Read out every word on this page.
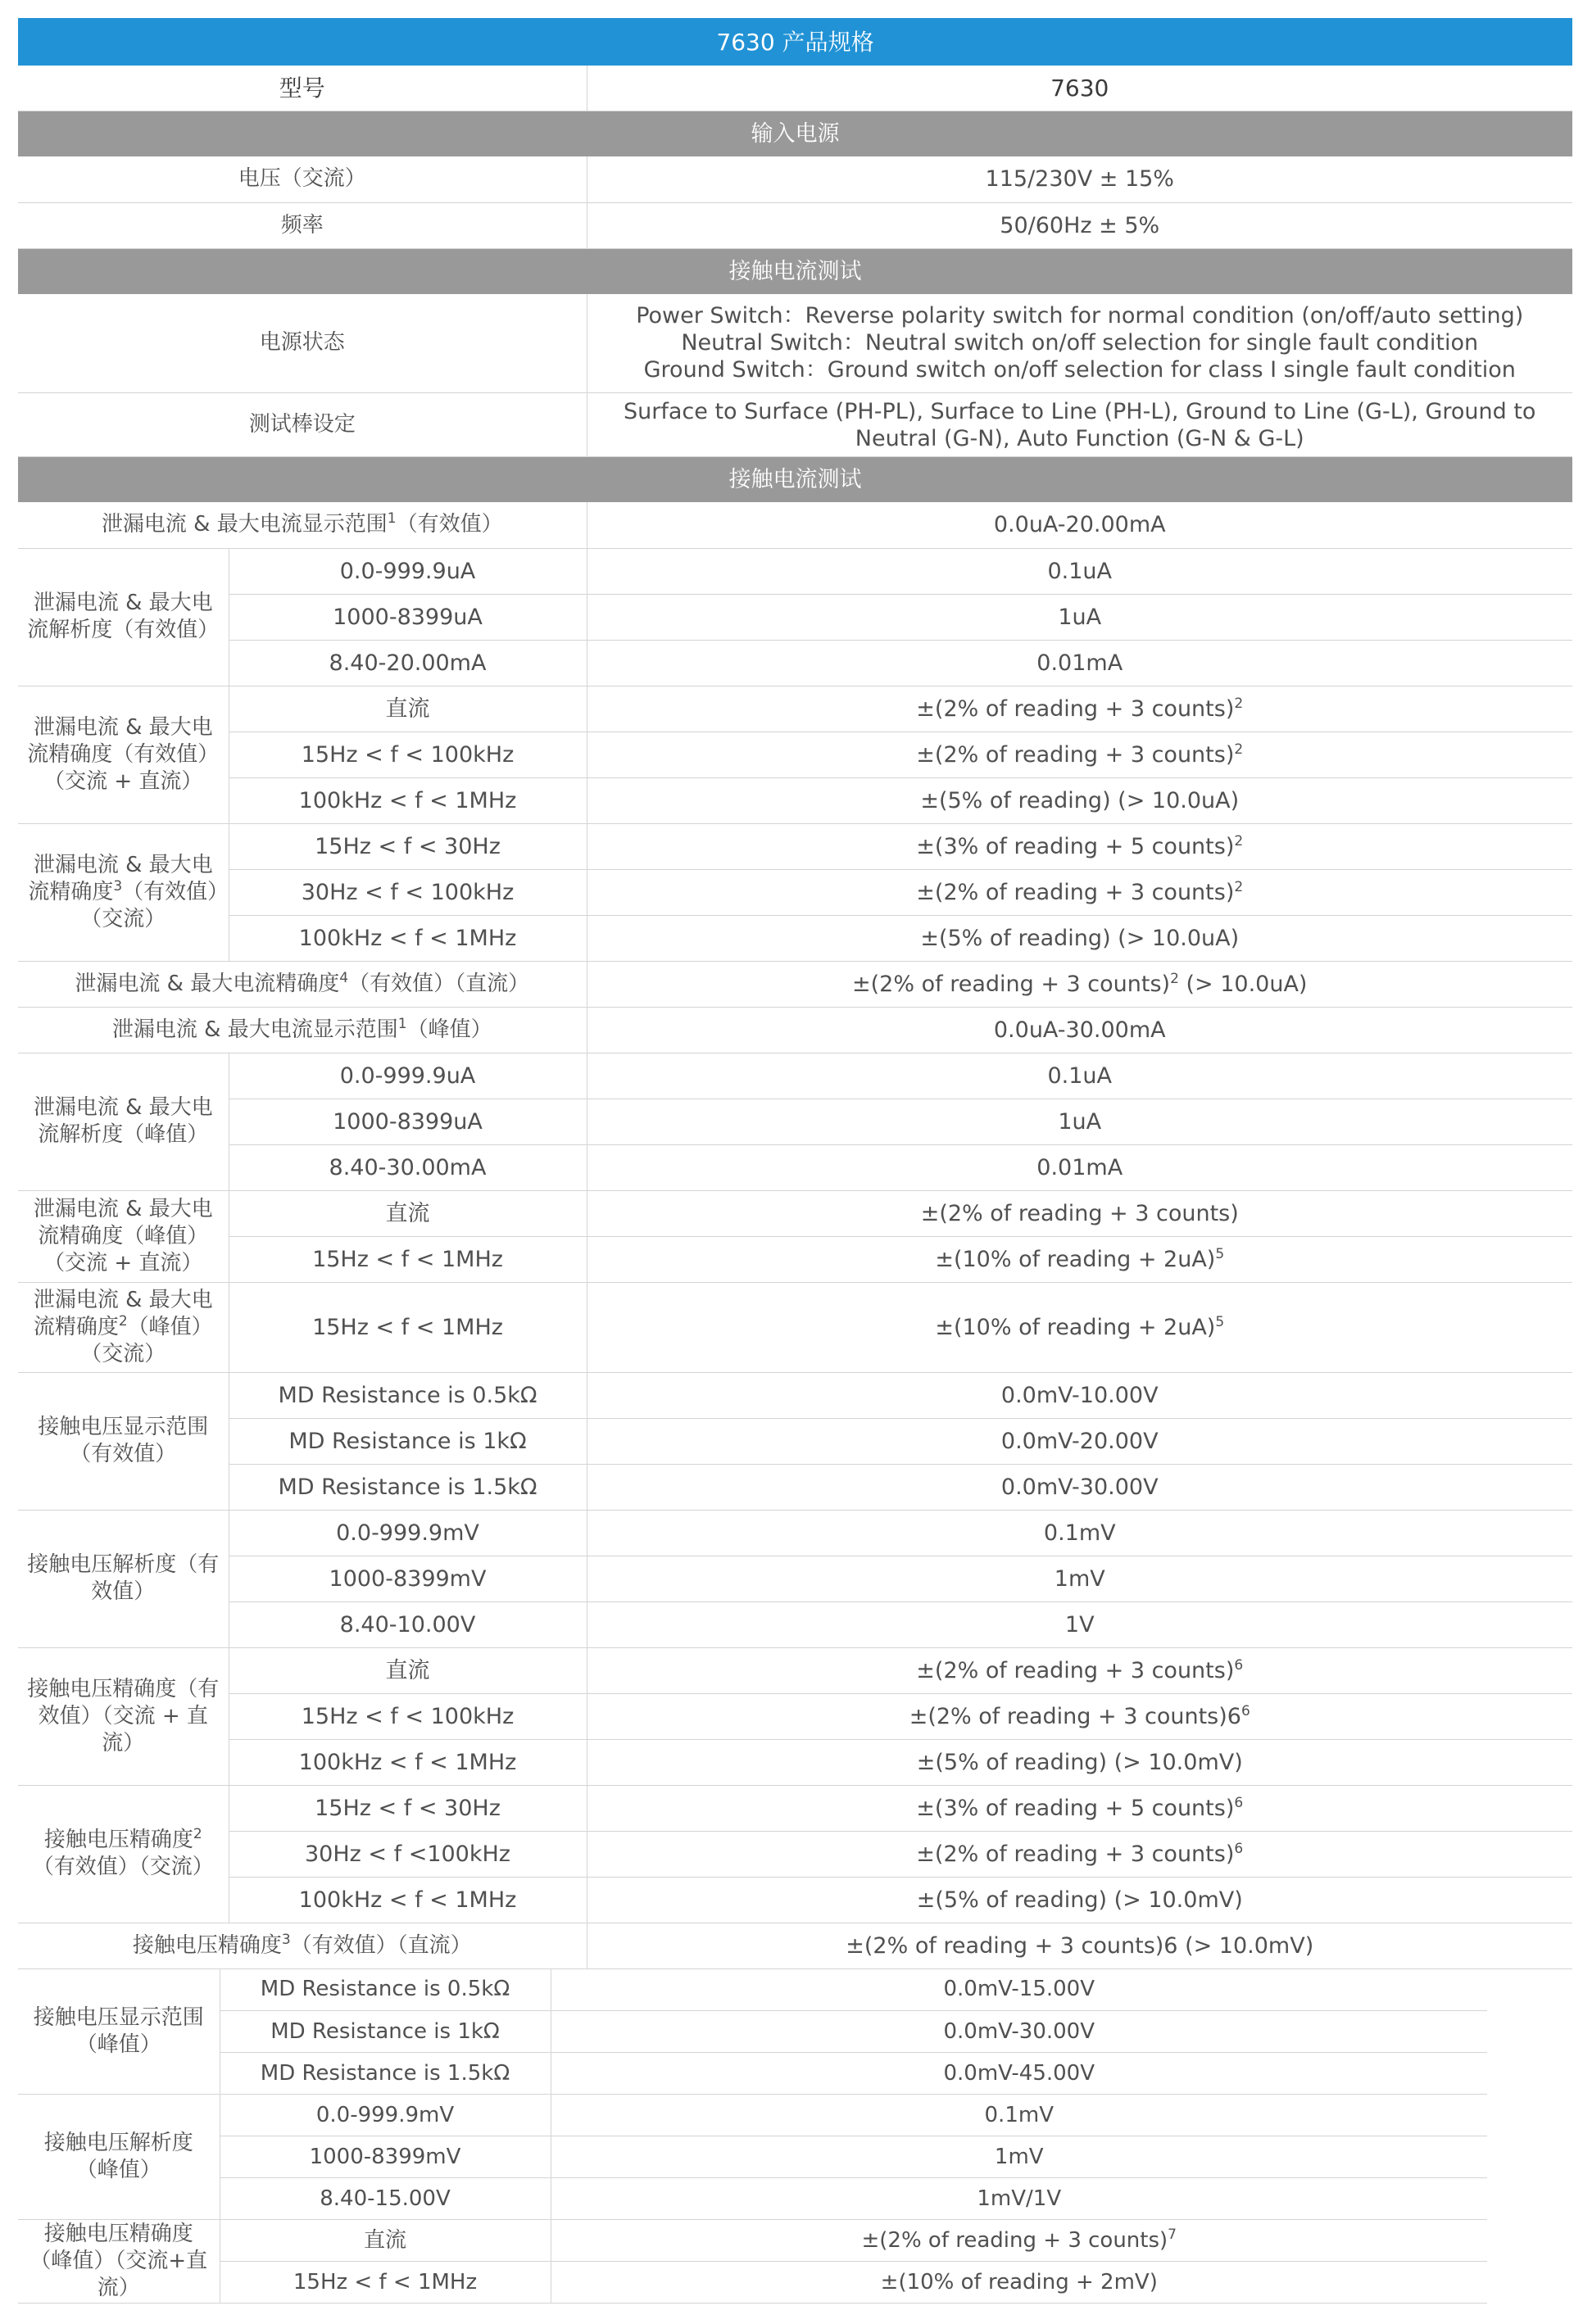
7630 产品规格		
型号		7630
输入电源		
电压（交流）		115/230V ± 15%
频率		50/60Hz ± 5%
接触电流测试		
电源状态		Power Switch：Reverse polarity switch for normal condition (on/off/auto setting)
Neutral Switch：Neutral switch on/off selection for single fault condition
Ground Switch：Ground switch on/off selection for class I single fault condition

测试棒设定		Surface to Surface (PH-PL), Surface to Line (PH-L), Ground to Line (G-L), Ground to Neutral (G-N), Auto Function (G-N & G-L)
接触电流测试		
泄漏电流 & 最大电流显示范围$^1$（有效值）		0.0uA-20.00mA
泄漏电流 & 最大电流解析度（有效值）	0.0-999.9uA	0.1uA
	1000-8399uA	1uA
	8.40-20.00mA	0.01mA
泄漏电流 & 最大电流精确度（有效值）（交流 + 直流）	直流	±(2% of reading + 3 counts)$^2$
	15Hz < f < 100kHz	±(2% of reading + 3 counts)$^2$
	100kHz < f < 1MHz	±(5% of reading) (> 10.0uA)
泄漏电流 & 最大电流精确度$^3$（有效值）（交流）	15Hz < f < 30Hz	±(3% of reading + 5 counts)$^2$
	30Hz < f < 100kHz	±(2% of reading + 3 counts)$^2$
	100kHz < f < 1MHz	±(5% of reading) (> 10.0uA)
泄漏电流 & 最大电流精确度$^4$（有效值）（直流）		±(2% of reading + 3 counts)$^2$ (> 10.0uA)
泄漏电流 & 最大电流显示范围$^1$（峰值）		0.0uA-30.00mA
泄漏电流 & 最大电流解析度（峰值）	0.0-999.9uA	0.1uA
	1000-8399uA	1uA
	8.40-30.00mA	0.01mA
泄漏电流 & 最大电流精确度（峰值）（交流 + 直流）	直流	±(2% of reading + 3 counts)
	15Hz < f < 1MHz	±(10% of reading + 2uA)$^5$
泄漏电流 & 最大电流精确度$^2$（峰值）（交流）	15Hz < f < 1MHz	±(10% of reading + 2uA)$^5$
接触电压显示范围（有效值）	MD Resistance is 0.5kΩ	0.0mV-10.00V
	MD Resistance is 1kΩ	0.0mV-20.00V
	MD Resistance is 1.5kΩ	0.0mV-30.00V
接触电压解析度（有效值）	0.0-999.9mV	0.1mV
	1000-8399mV	1mV
	8.40-10.00V	1V
接触电压精确度（有效值）（交流 + 直流）	直流	±(2% of reading + 3 counts)$^6$
	15Hz < f < 100kHz	±(2% of reading + 3 $counts)6^6$
	100kHz < f < 1MHz	±(5% of reading) (> 10.0mV)
接触电压精确度$^2$（有效值）（交流）	15Hz < f < 30Hz	±(3% of reading + 5 counts)$^6$
	30Hz < f <100kHz	±(2% of reading + 3 counts)$^6$
	100kHz < f < 1MHz	±(5% of reading) (> 10.0mV)
接触电压精确度$^3$（有效值）（直流）		±(2% of reading + 3 counts)6 (> 10.0mV)
接触电压显示范围（峰值）	MD Resistance is 0.5kΩ	0.0mV-15.00V
	MD Resistance is 1kΩ	0.0mV-30.00V
	MD Resistance is 1.5kΩ	0.0mV-45.00V
接触电压解析度（峰值）	0.0-999.9mV	0.1mV
	1000-8399mV	1mV
	8.40-15.00V	1mV/1V
接触电压精确度（峰值）（交流+直流）	直流	±(2% of reading + 3 counts)$^7$
	15Hz < f < 1MHz	±(10% of reading + 2mV)
